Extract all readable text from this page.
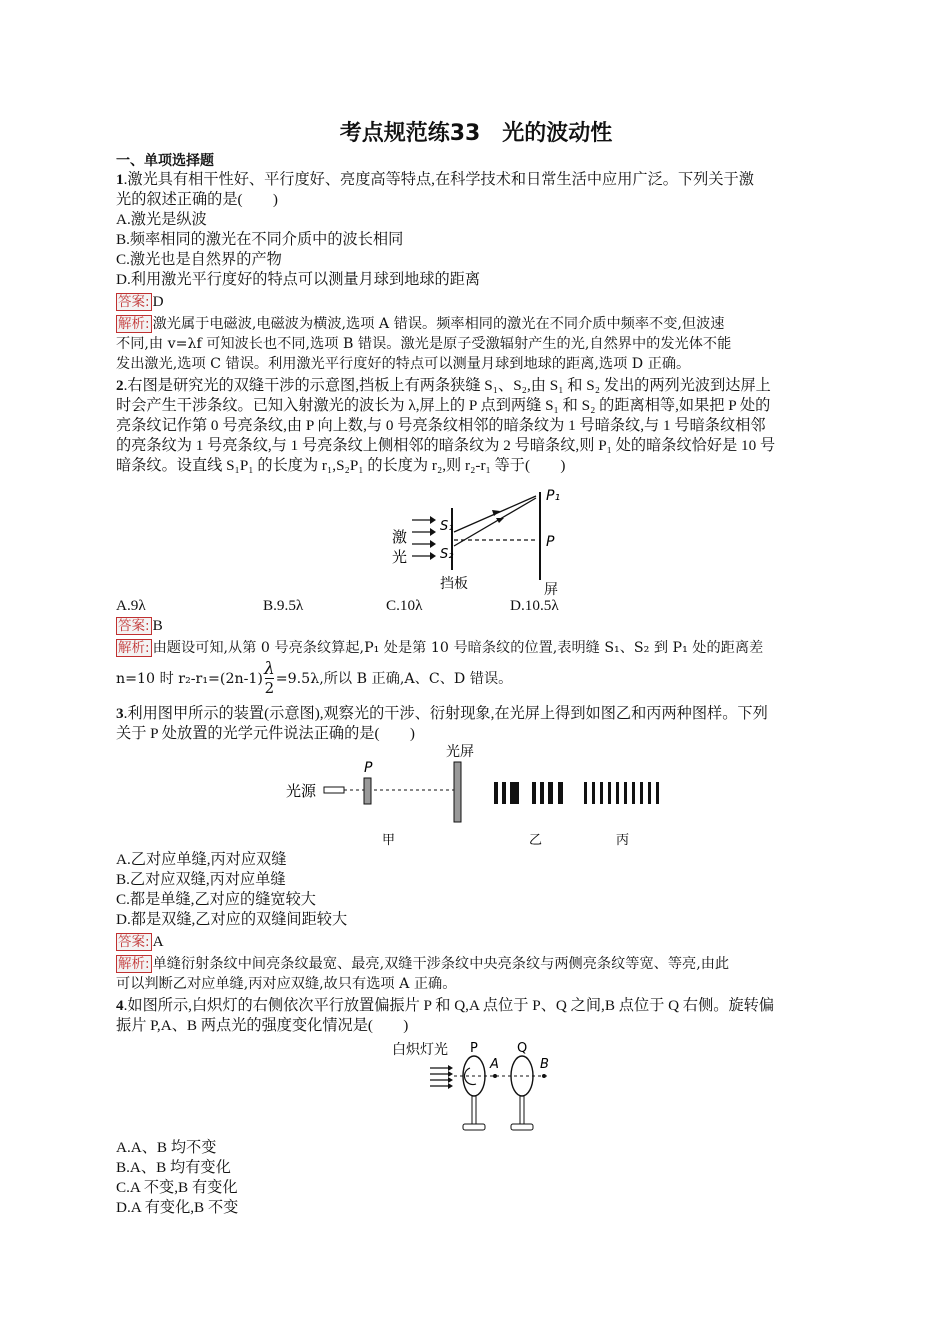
考点规范练33　光的波动性
一、单项选择题
1.激光具有相干性好、平行度好、亮度高等特点,在科学技术和日常生活中应用广泛。下列关于激
光的叙述正确的是(　　)
A.激光是纵波
B.频率相同的激光在不同介质中的波长相同
C.激光也是自然界的产物
D.利用激光平行度好的特点可以测量月球到地球的距离
答案: D
解析: 激光属于电磁波,电磁波为横波,选项 A 错误。频率相同的激光在不同介质中频率不变,但波速
不同,由 v=λf 可知波长也不同,选项 B 错误。激光是原子受激辐射产生的光,自然界中的发光体不能
发出激光,选项 C 错误。利用激光平行度好的特点可以测量月球到地球的距离,选项 D 正确。
2.右图是研究光的双缝干涉的示意图,挡板上有两条狭缝 S₁、S₂,由 S₁ 和 S₂ 发出的两列光波到达屏上
时会产生干涉条纹。已知入射激光的波长为 λ,屏上的 P 点到两缝 S₁ 和 S₂ 的距离相等,如果把 P 处的
亮条纹记作第 0 号亮条纹,由 P 向上数,与 0 号亮条纹相邻的暗条纹为 1 号暗条纹,与 1 号暗条纹相邻
的亮条纹为 1 号亮条纹,与 1 号亮条纹上侧相邻的暗条纹为 2 号暗条纹,则 P₁ 处的暗条纹恰好是 10 号
暗条纹。设直线 S₁P₁ 的长度为 r₁,S₂P₁ 的长度为 r₂,则 r₂-r₁ 等于(　　)
激
光
S₁
S₂
P₁
P
挡板	屏
A.9λ	B.9.5λ	C.10λ	D.10.5λ
答案: B
解析: 由题设可知,从第 0 号亮条纹算起,P₁ 处是第 10 号暗条纹的位置,表明缝 S₁、S₂ 到 P₁ 处的距离差
n=10 时 $r_2-r_1=(2n-1) \frac{\lambda}{2} =9.5\lambda$,所以 B 正确,A、C、D 错误。
3.利用图甲所示的装置(示意图),观察光的干涉、衍射现象,在光屏上得到如图乙和丙两种图样。下列
关于 P 处放置的光学元件说法正确的是(　　)
光源
P
光屏
甲	乙	丙
A.乙对应单缝,丙对应双缝
B.乙对应双缝,丙对应单缝
C.都是单缝,乙对应的缝宽较大
D.都是双缝,乙对应的双缝间距较大
答案: A
解析: 单缝衍射条纹中间亮条纹最宽、最亮,双缝干涉条纹中央亮条纹与两侧亮条纹等宽、等亮,由此
可以判断乙对应单缝,丙对应双缝,故只有选项 A 正确。
4.如图所示,白炽灯的右侧依次平行放置偏振片 P 和 Q,A 点位于 P、Q 之间,B 点位于 Q 右侧。旋转偏
振片 P,A、B 两点光的强度变化情况是(　　)
白炽灯光 P	Q
A	B
A.A、B 均不变
B.A、B 均有变化
C.A 不变,B 有变化
D.A 有变化,B 不变
